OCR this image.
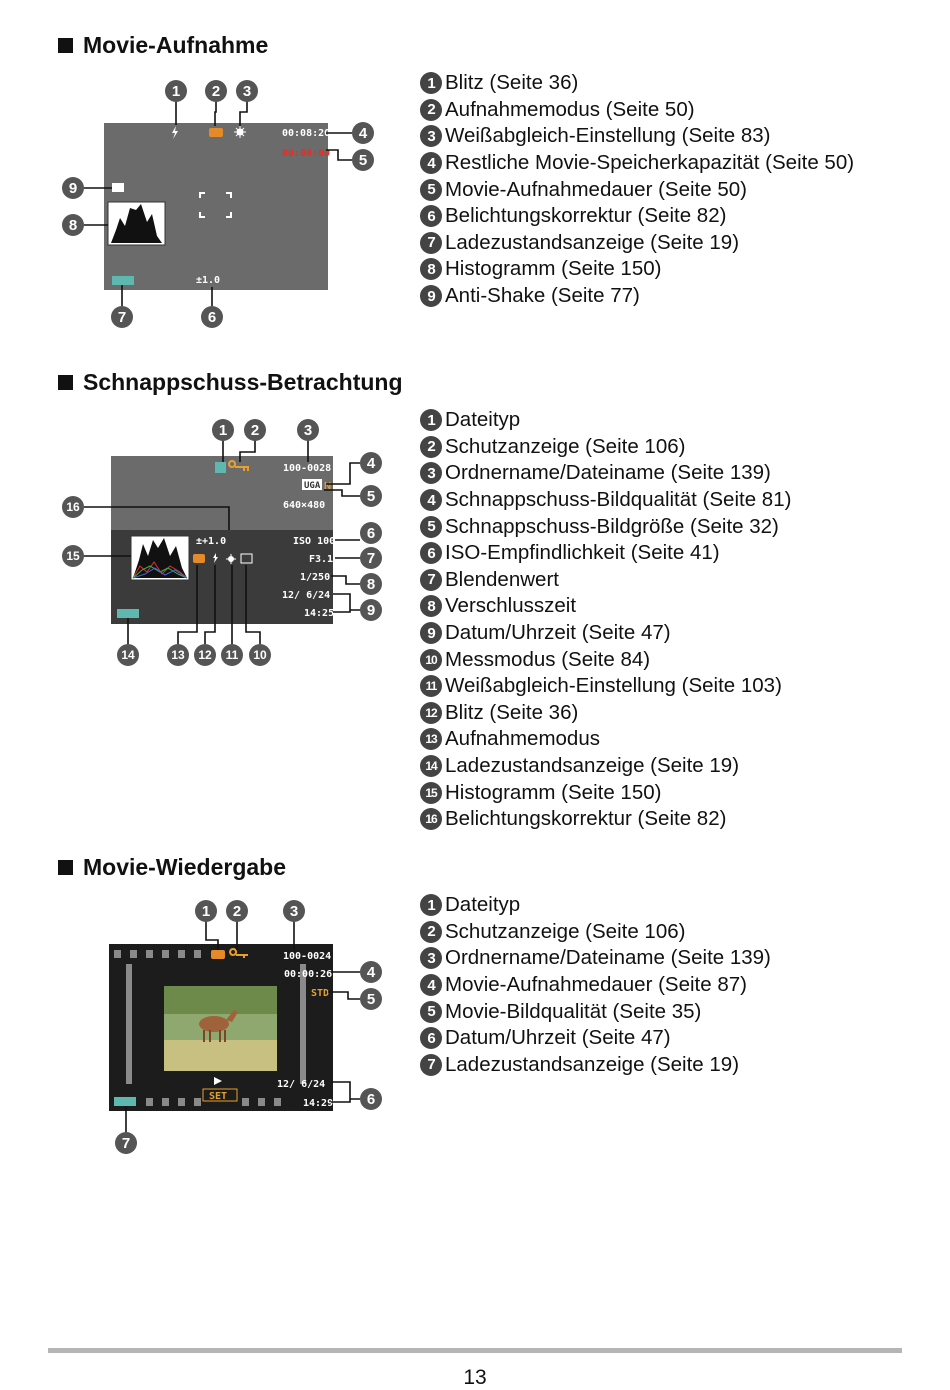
Movie-Aufnahme
00:08:20
00:00:00
±1.0
1 2 3
4
5
9
8
7	6
1 Blitz (Seite 36)
2 Aufnahmemodus (Seite 50)
3 Weißabgleich-Einstellung (Seite 83)
4 Restliche Movie-Speicherkapazität (Seite 50)
5 Movie-Aufnahmedauer (Seite 50)
6 Belichtungskorrektur (Seite 82)
7 Ladezustandsanzeige (Seite 19)
8 Histogramm (Seite 150)
9 Anti-Shake (Seite 77)
Schnappschuss-Betrachtung
100-0028
UGA N
640×480
±+1.0	ISO 100
F3.1
1/250
12/ 6/24
14:25
1 2	3
4
5
6
7
8
9
16
15
14	13 12 11 10
1 Dateityp
2 Schutzanzeige (Seite 106)
3 Ordnername/Dateiname (Seite 139)
4 Schnappschuss-Bildqualität (Seite 81)
5 Schnappschuss-Bildgröße (Seite 32)
6 ISO-Empfindlichkeit (Seite 41)
7 Blendenwert
8 Verschlusszeit
9 Datum/Uhrzeit (Seite 47)
10 Messmodus (Seite 84)
11 Weißabgleich-Einstellung (Seite 103)
12 Blitz (Seite 36)
13 Aufnahmemodus
14 Ladezustandsanzeige (Seite 19)
15 Histogramm (Seite 150)
16 Belichtungskorrektur (Seite 82)
Movie-Wiedergabe
100-0024
00:00:26
STD
SET
12/ 6/24
14:29
1 2	3
4
5
6
7
1 Dateityp
2 Schutzanzeige (Seite 106)
3 Ordnername/Dateiname (Seite 139)
4 Movie-Aufnahmedauer (Seite 87)
5 Movie-Bildqualität (Seite 35)
6 Datum/Uhrzeit (Seite 47)
7 Ladezustandsanzeige (Seite 19)
13
